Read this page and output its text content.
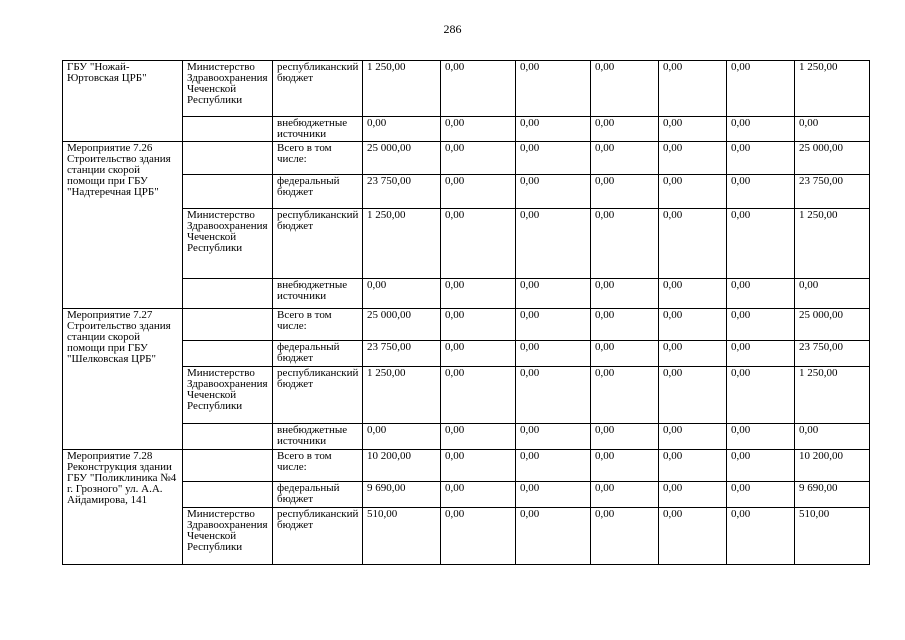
286
ГБУ "Ножай-Юртовская ЦРБ"	Министерство Здравоохранения Чеченской Республики	республиканский бюджет	1 250,00	0,00	0,00	0,00	0,00	0,00	1 250,00
		внебюджетные источники	0,00	0,00	0,00	0,00	0,00	0,00	0,00
Мероприятие 7.26 Строительство здания станции скорой помощи при ГБУ "Надтеречная ЦРБ"		Всего в том числе:	25 000,00	0,00	0,00	0,00	0,00	0,00	25 000,00
		федеральный бюджет	23 750,00	0,00	0,00	0,00	0,00	0,00	23 750,00
	Министерство Здравоохранения Чеченской Республики	республиканский бюджет	1 250,00	0,00	0,00	0,00	0,00	0,00	1 250,00
		внебюджетные источники	0,00	0,00	0,00	0,00	0,00	0,00	0,00
Мероприятие 7.27 Строительство здания станции скорой помощи при ГБУ "Шелковская ЦРБ"		Всего в том числе:	25 000,00	0,00	0,00	0,00	0,00	0,00	25 000,00
		федеральный бюджет	23 750,00	0,00	0,00	0,00	0,00	0,00	23 750,00
	Министерство Здравоохранения Чеченской Республики	республиканский бюджет	1 250,00	0,00	0,00	0,00	0,00	0,00	1 250,00
		внебюджетные источники	0,00	0,00	0,00	0,00	0,00	0,00	0,00
Мероприятие 7.28 Реконструкция здании ГБУ "Поликлиника №4 г. Грозного" ул. А.А. Айдамирова, 141		Всего в том числе:	10 200,00	0,00	0,00	0,00	0,00	0,00	10 200,00
		федеральный бюджет	9 690,00	0,00	0,00	0,00	0,00	0,00	9 690,00
	Министерство Здравоохранения Чеченской Республики	республиканский бюджет	510,00	0,00	0,00	0,00	0,00	0,00	510,00
